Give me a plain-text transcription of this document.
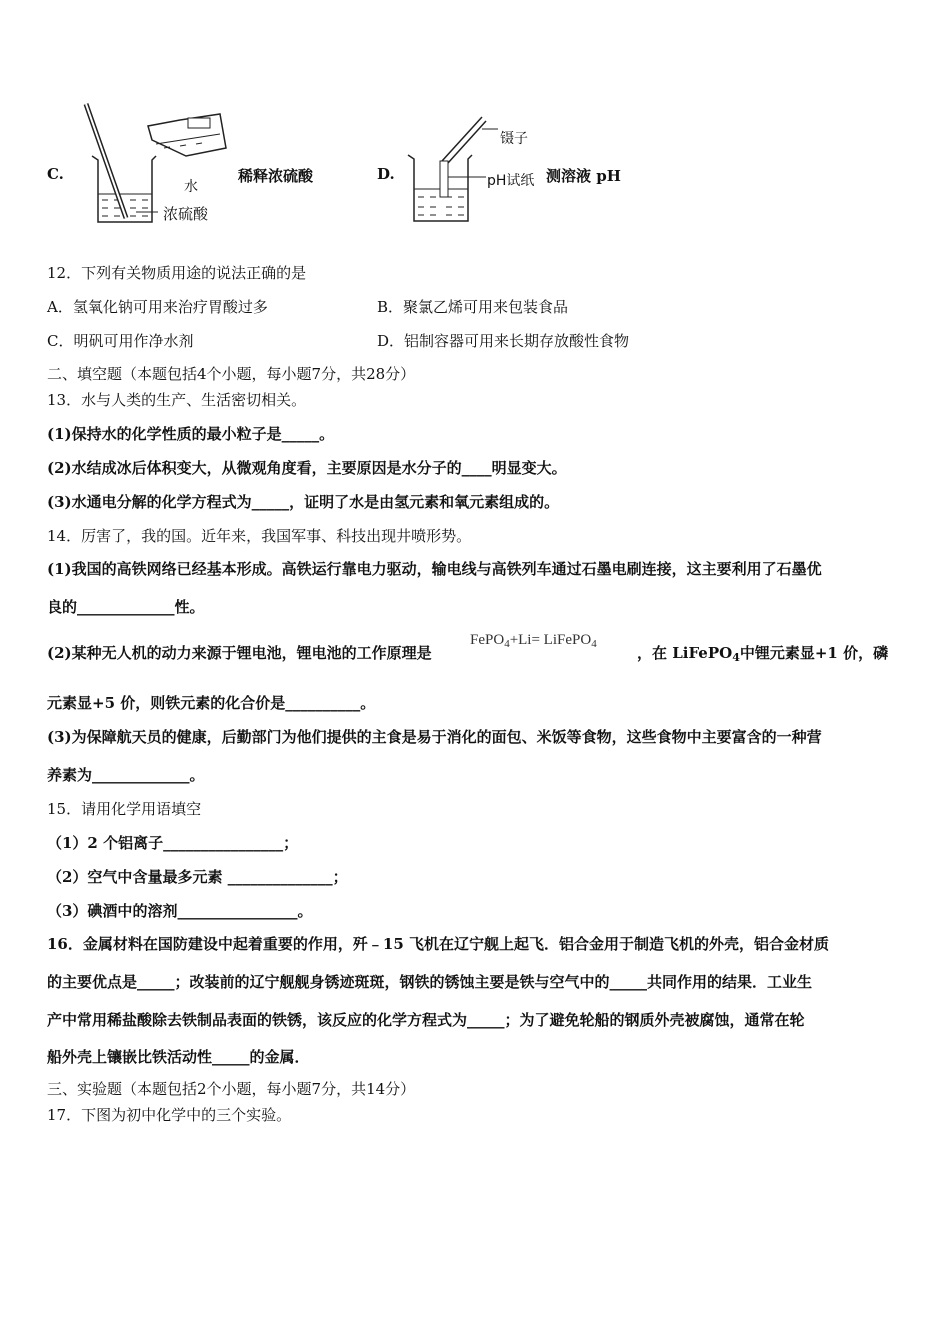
C.
水
浓硫酸
稀释浓硫酸	D.
镊子
pH试纸 测溶液 pH
12．下列有关物质用途的说法正确的是
A．氢氧化钠可用来治疗胃酸过多	B．聚氯乙烯可用来包装食品
C．明矾可用作净水剂	D．铝制容器可用来长期存放酸性食物
二、填空题（本题包括4个小题，每小题7分，共28分）
13．水与人类的生产、生活密切相关。
(1)保持水的化学性质的最小粒子是_____。
(2)水结成冰后体积变大，从微观角度看，主要原因是水分子的____明显变大。
(3)水通电分解的化学方程式为_____，证明了水是由氢元素和氧元素组成的。
14．厉害了，我的国。近年来，我国军事、科技出现井喷形势。
(1)我国的高铁网络已经基本形成。高铁运行靠电力驱动，输电线与高铁列车通过石墨电刷连接，这主要利用了石墨优
良的_____________性。
(2)某种无人机的动力来源于锂电池，锂电池的工作原理是
FePO$_4$+Li= LiFePO$_4$	，在 LiFePO$_4$中锂元素显+1 价，磷
元素显+5 价，则铁元素的化合价是__________。
(3)为保障航天员的健康，后勤部门为他们提供的主食是易于消化的面包、米饭等食物，这些食物中主要富含的一种营
养素为_____________。
15．请用化学用语填空
（1）2 个铝离子________________；
（2）空气中含量最多元素 ______________；
（3）碘酒中的溶剂________________。
16．金属材料在国防建设中起着重要的作用，歼﹣15 飞机在辽宁舰上起飞．铝合金用于制造飞机的外壳，铝合金材质
的主要优点是_____；改装前的辽宁舰舰身锈迹斑斑，钢铁的锈蚀主要是铁与空气中的_____共同作用的结果．工业生
产中常用稀盐酸除去铁制品表面的铁锈，该反应的化学方程式为_____；为了避免轮船的钢质外壳被腐蚀，通常在轮
船外壳上镶嵌比铁活动性_____的金属．
三、实验题（本题包括2个小题，每小题7分，共14分）
17．下图为初中化学中的三个实验。
